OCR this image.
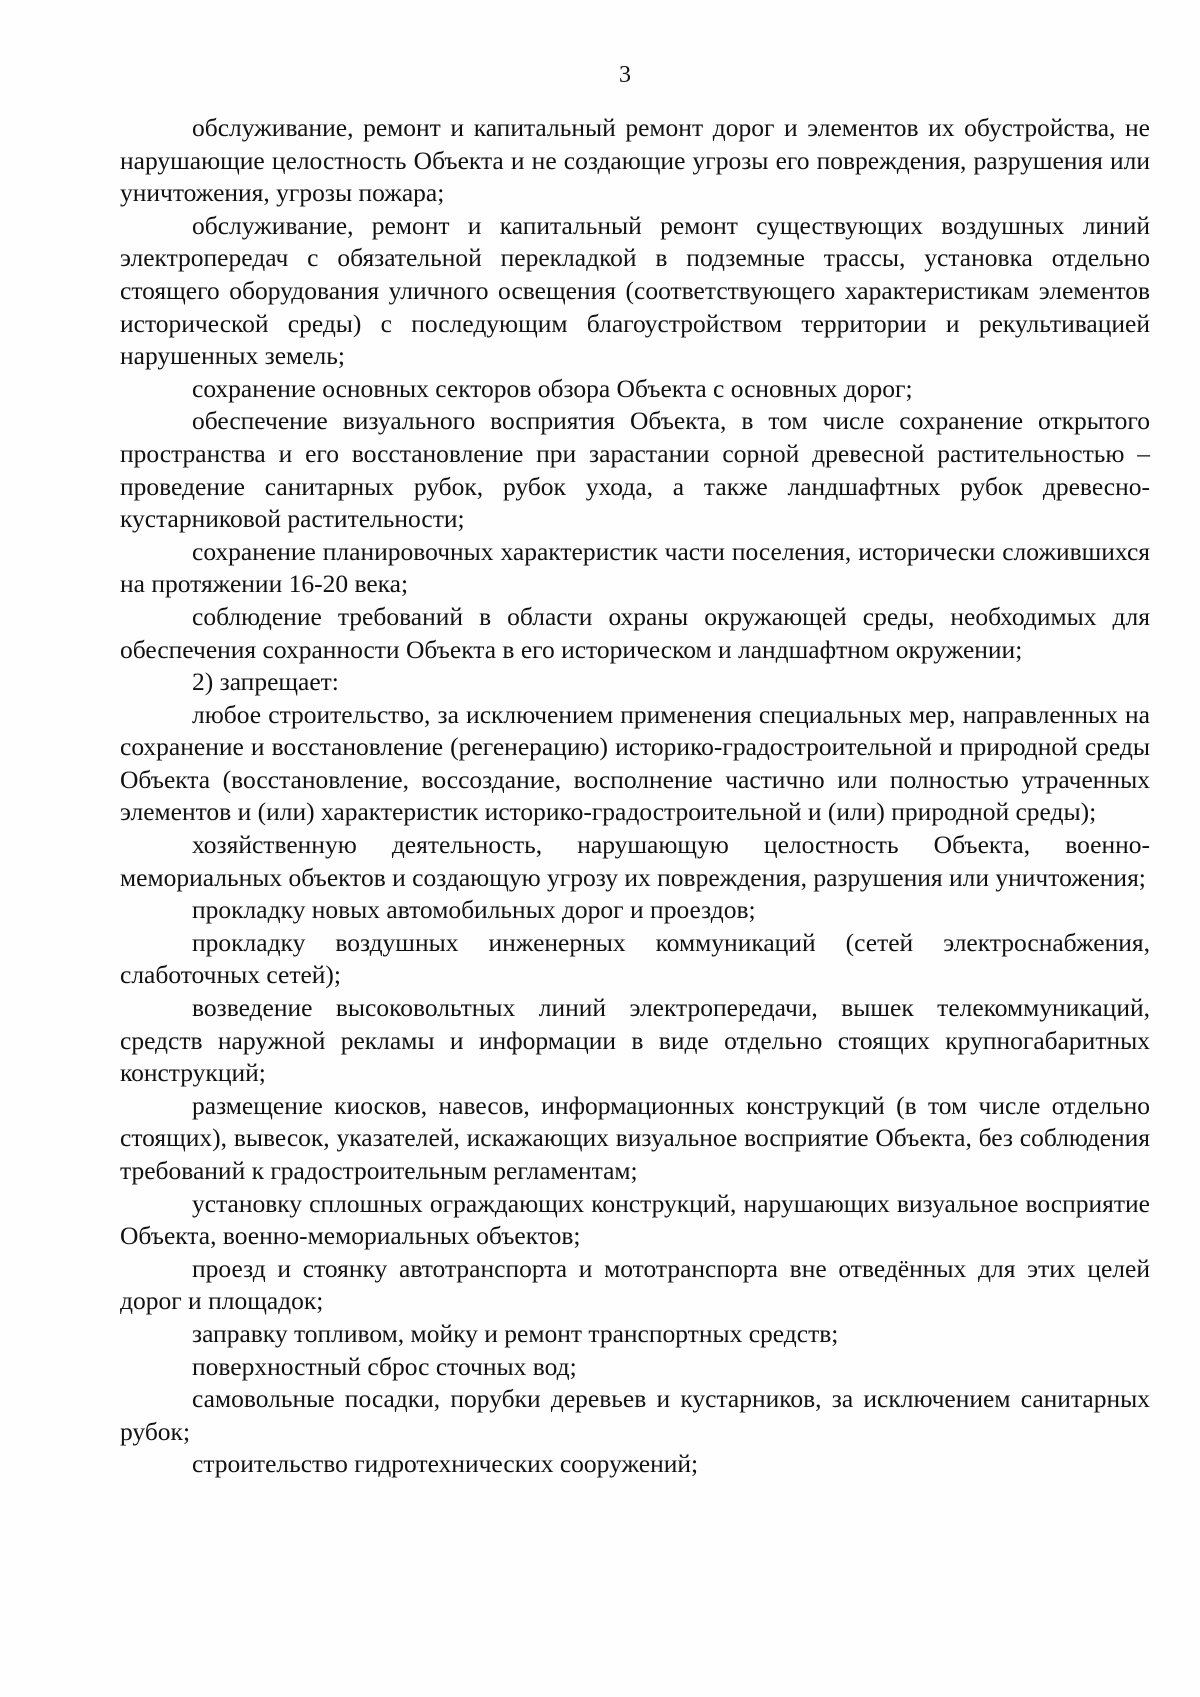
3

обслуживание, ремонт и капитальный ремонт дорог и элементов их обустройства, не нарушающие целостность Объекта и не создающие угрозы его повреждения, разрушения или уничтожения, угрозы пожара;

обслуживание, ремонт и капитальный ремонт существующих воздушных линий электропередач с обязательной перекладкой в подземные трассы, установка отдельно стоящего оборудования уличного освещения (соответствующего характеристикам элементов исторической среды) с последующим благоустройством территории и рекультивацией нарушенных земель;

сохранение основных секторов обзора Объекта с основных дорог;

обеспечение визуального восприятия Объекта, в том числе сохранение открытого пространства и его восстановление при зарастании сорной древесной растительностью – проведение санитарных рубок, рубок ухода, а также ландшафтных рубок древесно-кустарниковой растительности;

сохранение планировочных характеристик части поселения, исторически сложившихся на протяжении 16-20 века;

соблюдение требований в области охраны окружающей среды, необходимых для обеспечения сохранности Объекта в его историческом и ландшафтном окружении;

2) запрещает:

любое строительство, за исключением применения специальных мер, направленных на сохранение и восстановление (регенерацию) историко-градостроительной и природной среды Объекта (восстановление, воссоздание, восполнение частично или полностью утраченных элементов и (или) характеристик историко-градостроительной и (или) природной среды);

хозяйственную деятельность, нарушающую целостность Объекта, военно-мемориальных объектов и создающую угрозу их повреждения, разрушения или уничтожения;

прокладку новых автомобильных дорог и проездов;

прокладку воздушных инженерных коммуникаций (сетей электроснабжения, слаботочных сетей);

возведение высоковольтных линий электропередачи, вышек телекоммуникаций, средств наружной рекламы и информации в виде отдельно стоящих крупногабаритных конструкций;

размещение киосков, навесов, информационных конструкций (в том числе отдельно стоящих), вывесок, указателей, искажающих визуальное восприятие Объекта, без соблюдения требований к градостроительным регламентам;

установку сплошных ограждающих конструкций, нарушающих визуальное восприятие Объекта, военно-мемориальных объектов;

проезд и стоянку автотранспорта и мототранспорта вне отведённых для этих целей дорог и площадок;

заправку топливом, мойку и ремонт транспортных средств;

поверхностный сброс сточных вод;

самовольные посадки, порубки деревьев и кустарников, за исключением санитарных рубок;

строительство гидротехнических сооружений;
